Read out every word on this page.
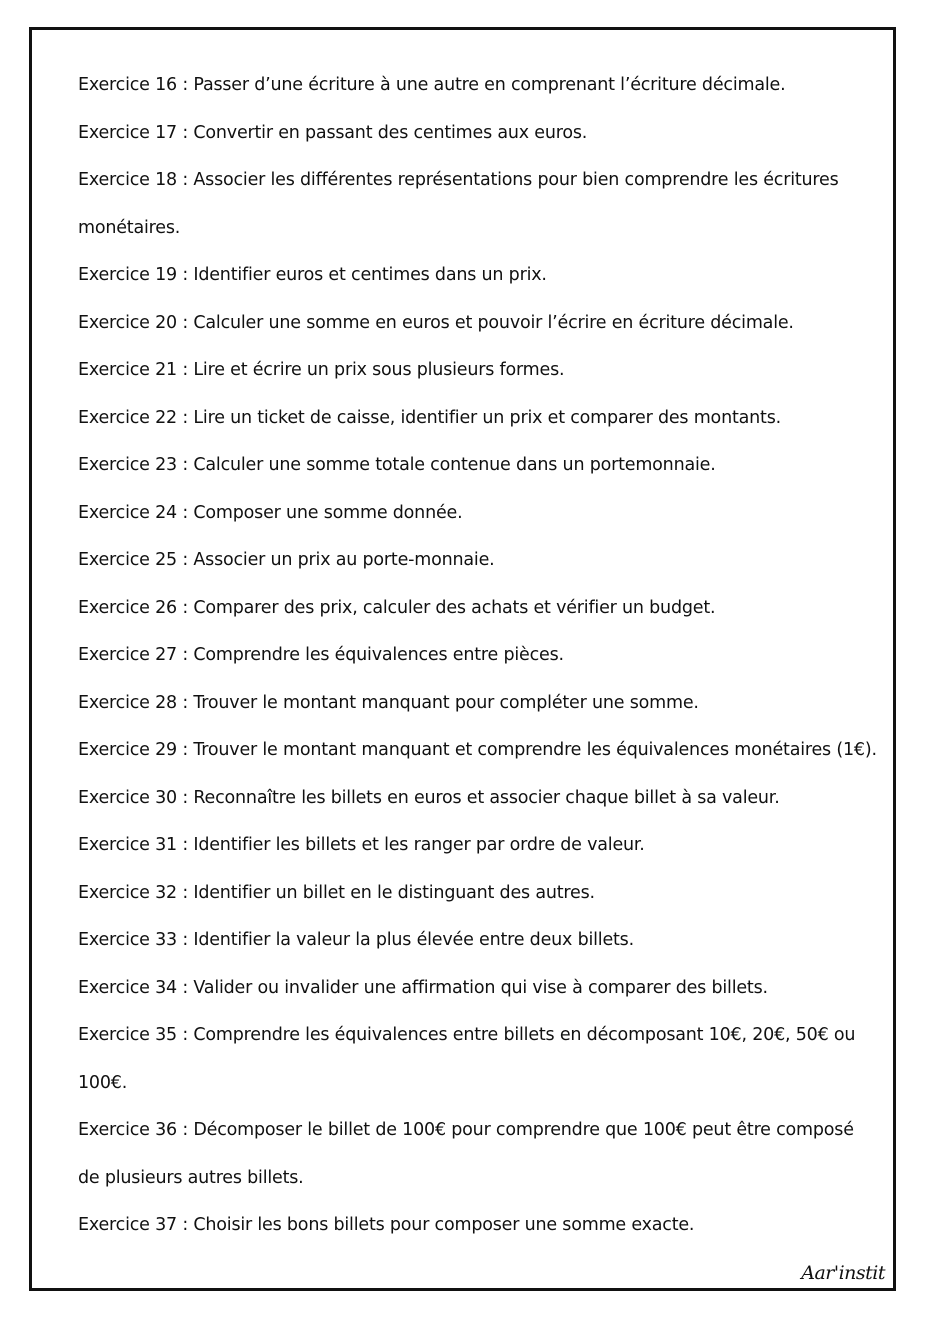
Exercice 16 : Passer d’une écriture à une autre en comprenant l’écriture décimale.
Exercice 17 : Convertir en passant des centimes aux euros.
Exercice 18 : Associer les différentes représentations pour bien comprendre les écritures monétaires.
Exercice 19 : Identifier euros et centimes dans un prix.
Exercice 20 : Calculer une somme en euros et pouvoir l’écrire en écriture décimale.
Exercice 21 : Lire et écrire un prix sous plusieurs formes.
Exercice 22 : Lire un ticket de caisse, identifier un prix et comparer des montants.
Exercice 23 : Calculer une somme totale contenue dans un portemonnaie.
Exercice 24 : Composer une somme donnée.
Exercice 25 : Associer un prix au porte-monnaie.
Exercice 26 : Comparer des prix, calculer des achats et vérifier un budget.
Exercice 27 : Comprendre les équivalences entre pièces.
Exercice 28 : Trouver le montant manquant pour compléter une somme.
Exercice 29 : Trouver le montant manquant et comprendre les équivalences monétaires (1€).
Exercice 30 : Reconnaître les billets en euros et associer chaque billet à sa valeur.
Exercice 31 : Identifier les billets et les ranger par ordre de valeur.
Exercice 32 : Identifier un billet en le distinguant des autres.
Exercice 33 : Identifier la valeur la plus élevée entre deux billets.
Exercice 34 : Valider ou invalider une affirmation qui vise à comparer des billets.
Exercice 35 : Comprendre les équivalences entre billets en décomposant 10€, 20€, 50€ ou 100€.
Exercice 36 : Décomposer le billet de 100€ pour comprendre que 100€ peut être composé de plusieurs autres billets.
Exercice 37 : Choisir les bons billets pour composer une somme exacte.
Aar'instit
